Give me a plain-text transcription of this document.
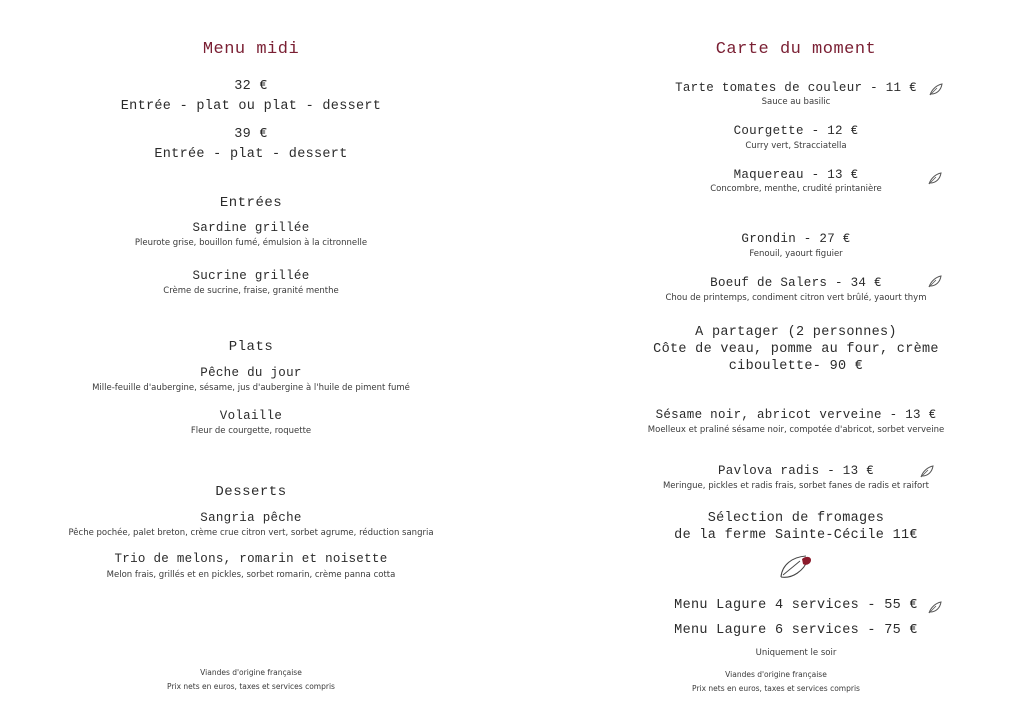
Menu midi
32 €
Entrée - plat ou plat - dessert
39 €
Entrée - plat - dessert
Entrées
Sardine grillée
Pleurote grise, bouillon fumé, émulsion à la citronnelle
Sucrine grillée
Crème de sucrine, fraise, granité menthe
Plats
Pêche du jour
Mille-feuille d'aubergine, sésame, jus d'aubergine à l'huile de piment fumé
Volaille
Fleur de courgette, roquette
Desserts
Sangria pêche
Pêche pochée, palet breton, crème crue citron vert, sorbet agrume, réduction sangria
Trio de melons, romarin et noisette
Melon frais, grillés et en pickles, sorbet romarin, crème panna cotta
Viandes d'origine française
Prix nets en euros, taxes et services compris
Carte du moment
Tarte tomates de couleur - 11 €
Sauce au basilic
Courgette - 12 €
Curry vert, Stracciatella
Maquereau - 13 €
Concombre, menthe, crudité printanière
Grondin - 27 €
Fenouil, yaourt figuier
Boeuf de Salers - 34 €
Chou de printemps, condiment citron vert brûlé, yaourt thym
A partager (2 personnes)
Côte de veau, pomme au four, crème
ciboulette- 90 €
Sésame noir, abricot verveine - 13 €
Moelleux et praliné sésame noir, compotée d'abricot, sorbet verveine
Pavlova radis - 13 €
Meringue, pickles et radis frais, sorbet fanes de radis et raifort
Sélection de fromages
de la ferme Sainte-Cécile 11€
Menu Lagure 4 services - 55 €
Menu Lagure 6 services - 75 €
Uniquement le soir
Viandes d'origine française
Prix nets en euros, taxes et services compris
